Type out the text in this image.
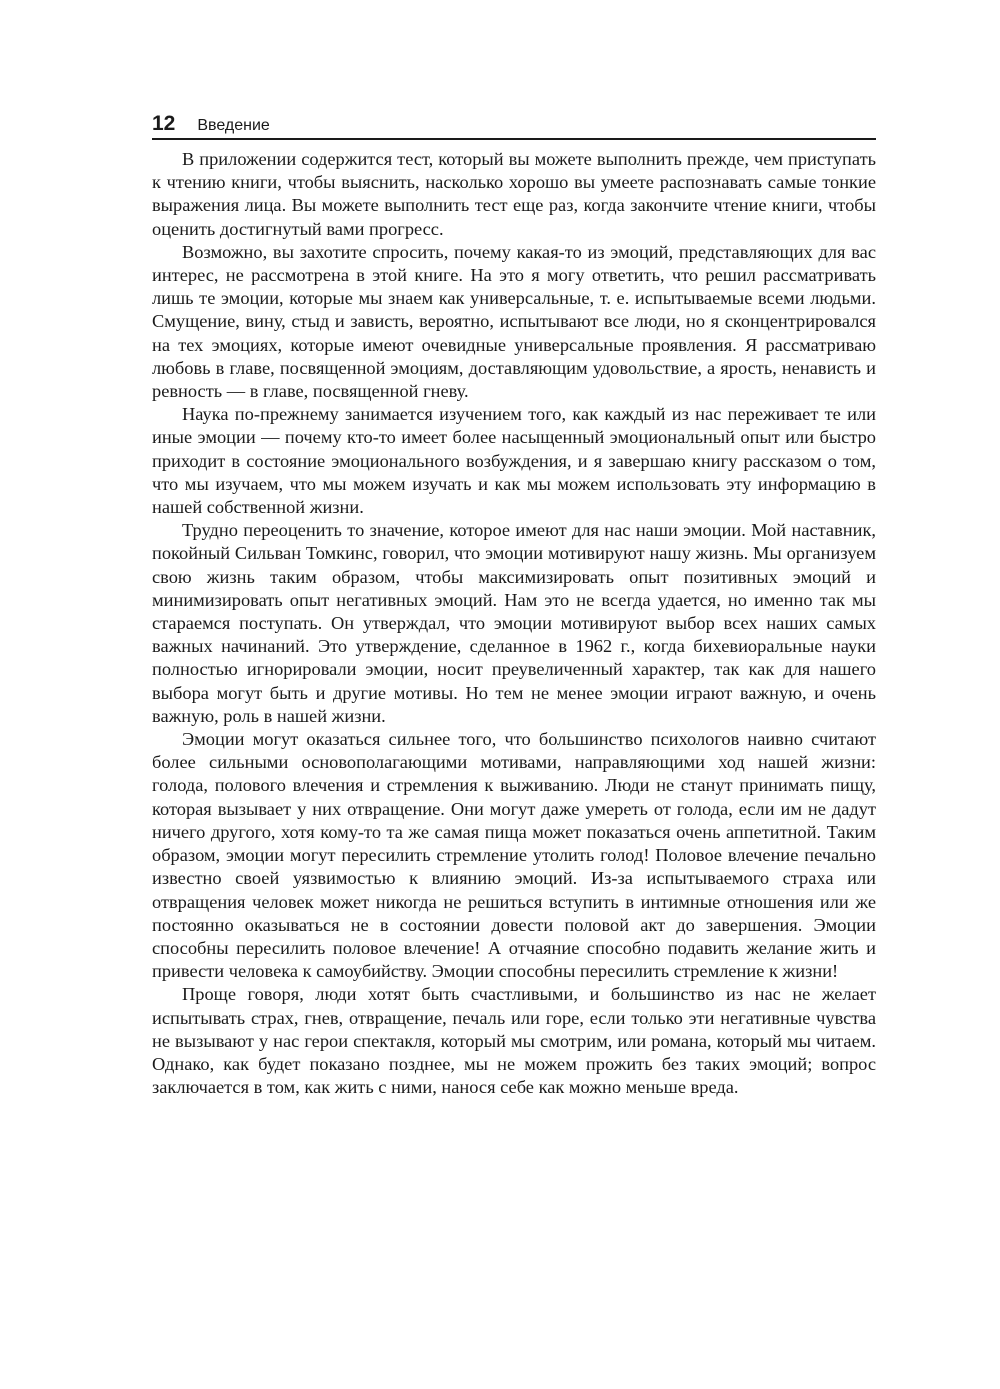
12 Введение

В приложении содержится тест, который вы можете выполнить прежде, чем приступать к чтению книги, чтобы выяснить, насколько хорошо вы умеете распознавать самые тонкие выражения лица. Вы можете выполнить тест еще раз, когда закончите чтение книги, чтобы оценить достигнутый вами прогресс.

Возможно, вы захотите спросить, почему какая-то из эмоций, представляющих для вас интерес, не рассмотрена в этой книге. На это я могу ответить, что решил рассматривать лишь те эмоции, которые мы знаем как универсальные, т. е. испытываемые всеми людьми. Смущение, вину, стыд и зависть, вероятно, испытывают все люди, но я сконцентрировался на тех эмоциях, которые имеют очевидные универсальные проявления. Я рассматриваю любовь в главе, посвященной эмоциям, доставляющим удовольствие, а ярость, ненависть и ревность — в главе, посвященной гневу.

Наука по-прежнему занимается изучением того, как каждый из нас переживает те или иные эмоции — почему кто-то имеет более насыщенный эмоциональный опыт или быстро приходит в состояние эмоционального возбуждения, и я завершаю книгу рассказом о том, что мы изучаем, что мы можем изучать и как мы можем использовать эту информацию в нашей собственной жизни.

Трудно переоценить то значение, которое имеют для нас наши эмоции. Мой наставник, покойный Сильван Томкинс, говорил, что эмоции мотивируют нашу жизнь. Мы организуем свою жизнь таким образом, чтобы максимизировать опыт позитивных эмоций и минимизировать опыт негативных эмоций. Нам это не всегда удается, но именно так мы стараемся поступать. Он утверждал, что эмоции мотивируют выбор всех наших самых важных начинаний. Это утверждение, сделанное в 1962 г., когда бихевиоральные науки полностью игнорировали эмоции, носит преувеличенный характер, так как для нашего выбора могут быть и другие мотивы. Но тем не менее эмоции играют важную, и очень важную, роль в нашей жизни.

Эмоции могут оказаться сильнее того, что большинство психологов наивно считают более сильными основополагающими мотивами, направляющими ход нашей жизни: голода, полового влечения и стремления к выживанию. Люди не станут принимать пищу, которая вызывает у них отвращение. Они могут даже умереть от голода, если им не дадут ничего другого, хотя кому-то та же самая пища может показаться очень аппетитной. Таким образом, эмоции могут пересилить стремление утолить голод! Половое влечение печально известно своей уязвимостью к влиянию эмоций. Из-за испытываемого страха или отвращения человек может никогда не решиться вступить в интимные отношения или же постоянно оказываться не в состоянии довести половой акт до завершения. Эмоции способны пересилить половое влечение! А отчаяние способно подавить желание жить и привести человека к самоубийству. Эмоции способны пересилить стремление к жизни!

Проще говоря, люди хотят быть счастливыми, и большинство из нас не желает испытывать страх, гнев, отвращение, печаль или горе, если только эти негативные чувства не вызывают у нас герои спектакля, который мы смотрим, или романа, который мы читаем. Однако, как будет показано позднее, мы не можем прожить без таких эмоций; вопрос заключается в том, как жить с ними, нанося себе как можно меньше вреда.
